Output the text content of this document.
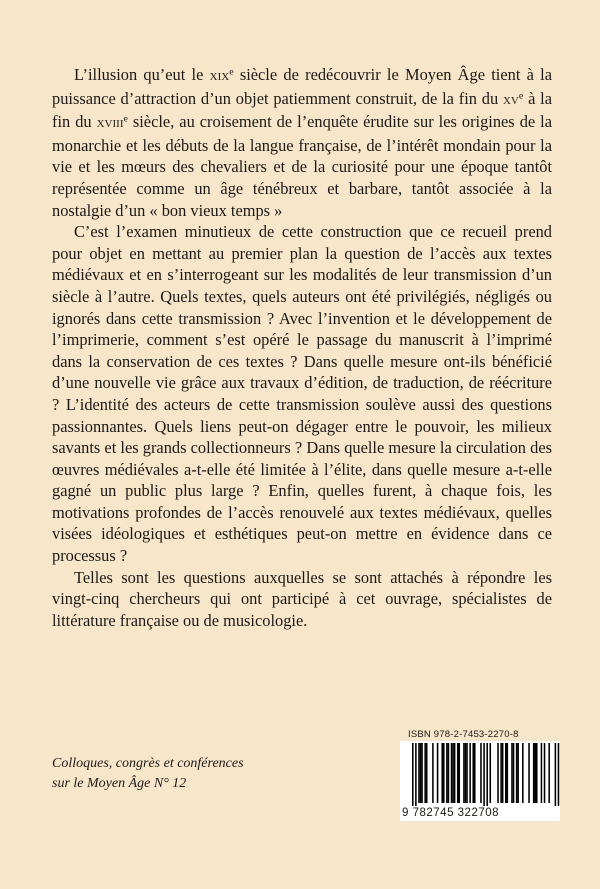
L’illusion qu’eut le xix$^e$ siècle de redécouvrir le Moyen Âge tient à la puissance d’attraction d’un objet patiemment construit, de la fin du $xv^e$ à la fin du xviii$^e$ siècle, au croisement de l’enquête érudite sur les origines de la monarchie et les débuts de la langue française, de l’intérêt mondain pour la vie et les mœurs des chevaliers et de la curiosité pour une époque tantôt représentée comme un âge ténébreux et barbare, tantôt associée à la nostalgie d’un « bon vieux temps »

C’est l’examen minutieux de cette construction que ce recueil prend pour objet en mettant au premier plan la question de l’accès aux textes médiévaux et en s’interrogeant sur les modalités de leur transmission d’un siècle à l’autre. Quels textes, quels auteurs ont été privilégiés, négligés ou ignorés dans cette transmission ? Avec l’invention et le développement de l’imprimerie, comment s’est opéré le passage du manuscrit à l’imprimé dans la conservation de ces textes ? Dans quelle mesure ont-ils bénéficié d’une nouvelle vie grâce aux travaux d’édition, de traduction, de réécriture ? L’identité des acteurs de cette transmission soulève aussi des questions passionnantes. Quels liens peut-on dégager entre le pouvoir, les milieux savants et les grands collectionneurs ? Dans quelle mesure la circulation des œuvres médiévales a-t-elle été limitée à l’élite, dans quelle mesure a-t-elle gagné un public plus large ? Enfin, quelles furent, à chaque fois, les motivations profondes de l’accès renouvelé aux textes médiévaux, quelles visées idéologiques et esthétiques peut-on mettre en évidence dans ce processus ?

Telles sont les questions auxquelles se sont attachés à répondre les vingt-cinq chercheurs qui ont participé à cet ouvrage, spécialistes de littérature française ou de musicologie.

Colloques, congrès et conférences
sur le Moyen Âge N° 12
ISBN 978-2-7453-2270-8
9 782745 322708
